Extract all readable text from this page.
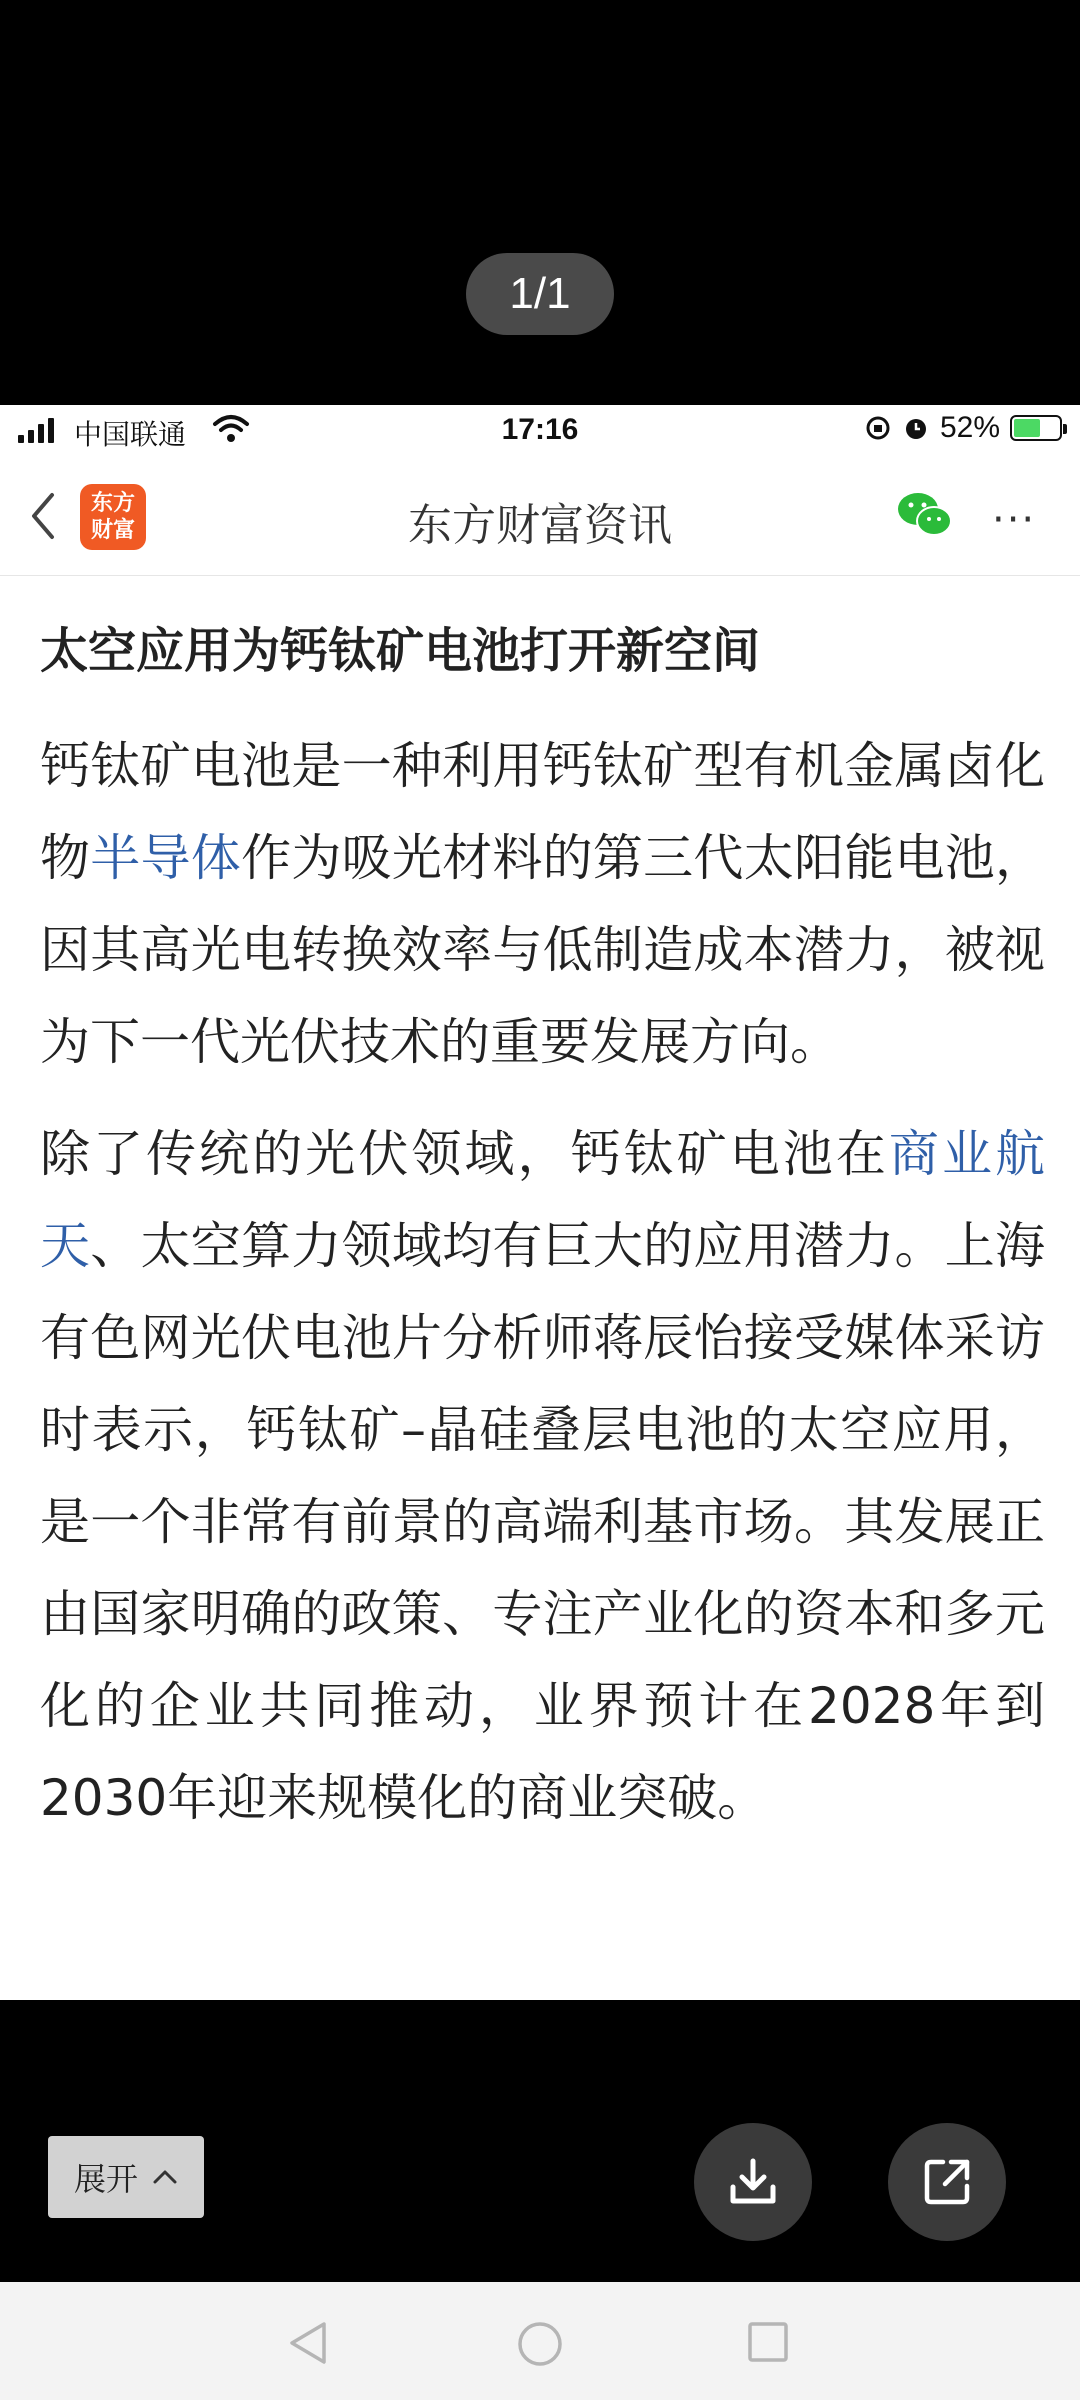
1/1
中国联通	17:16	52%
东方
财富	东方财富资讯	···
太空应用为钙钛矿电池打开新空间

钙钛矿电池是一种利用钙钛矿型有机金属卤化物半导体作为吸光材料的第三代太阳能电池，因其高光电转换效率与低制造成本潜力，被视为下一代光伏技术的重要发展方向。

除了传统的光伏领域，钙钛矿电池在商业航天、太空算力领域均有巨大的应用潜力。上海有色网光伏电池片分析师蒋辰怡接受媒体采访时表示，钙钛矿–晶硅叠层电池的太空应用，是一个非常有前景的高端利基市场。其发展正由国家明确的政策、专注产业化的资本和多元化的企业共同推动，业界预计在2028年到2030年迎来规模化的商业突破。

展开
